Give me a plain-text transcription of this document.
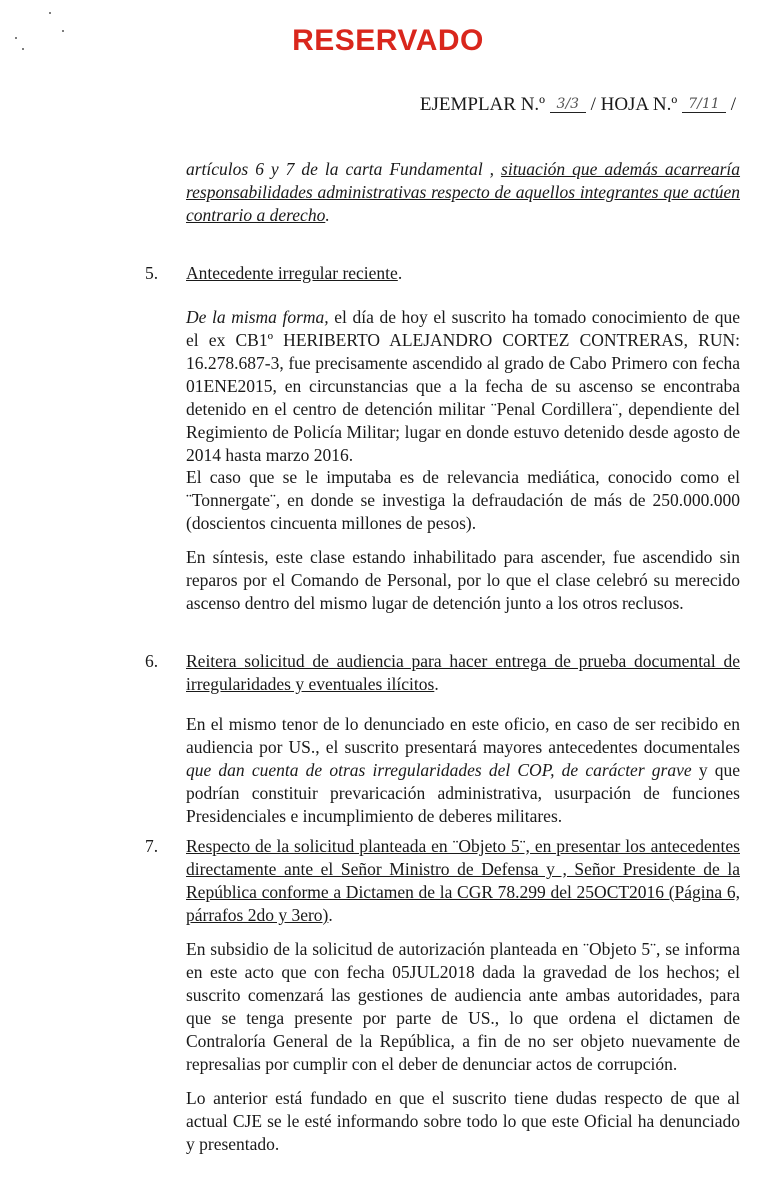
RESERVADO
EJEMPLAR N.º 3/3 / HOJA N.º 7/11 /
artículos 6 y 7 de la carta Fundamental , situación que además acarrearía responsabilidades administrativas respecto de aquellos integrantes que actúen contrario a derecho.
5. Antecedente irregular reciente.
De la misma forma, el día de hoy el suscrito ha tomado conocimiento de que el ex CB1º HERIBERTO ALEJANDRO CORTEZ CONTRERAS, RUN: 16.278.687-3, fue precisamente ascendido al grado de Cabo Primero con fecha 01ENE2015, en circunstancias que a la fecha de su ascenso se encontraba detenido en el centro de detención militar ¨Penal Cordillera¨, dependiente del Regimiento de Policía Militar; lugar en donde estuvo detenido desde agosto de 2014 hasta marzo 2016.
El caso que se le imputaba es de relevancia mediática, conocido como el ¨Tonnergate¨, en donde se investiga la defraudación de más de 250.000.000 (doscientos cincuenta millones de pesos).
En síntesis, este clase estando inhabilitado para ascender, fue ascendido sin reparos por el Comando de Personal, por lo que el clase celebró su merecido ascenso dentro del mismo lugar de detención junto a los otros reclusos.
6. Reitera solicitud de audiencia para hacer entrega de prueba documental de irregularidades y eventuales ilícitos.
En el mismo tenor de lo denunciado en este oficio, en caso de ser recibido en audiencia por US., el suscrito presentará mayores antecedentes documentales que dan cuenta de otras irregularidades del COP, de carácter grave y que podrían constituir prevaricación administrativa, usurpación de funciones Presidenciales e incumplimiento de deberes militares.
7. Respecto de la solicitud planteada en ¨Objeto 5¨, en presentar los antecedentes directamente ante el Señor Ministro de Defensa y , Señor Presidente de la República conforme a Dictamen de la CGR 78.299 del 25OCT2016 (Página 6, párrafos 2do y 3ero).
En subsidio de la solicitud de autorización planteada en ¨Objeto 5¨, se informa en este acto que con fecha 05JUL2018 dada la gravedad de los hechos; el suscrito comenzará las gestiones de audiencia ante ambas autoridades, para que se tenga presente por parte de US., lo que ordena el dictamen de Contraloría General de la República, a fin de no ser objeto nuevamente de represalias por cumplir con el deber de denunciar actos de corrupción.
Lo anterior está fundado en que el suscrito tiene dudas respecto de que al actual CJE se le esté informando sobre todo lo que este Oficial ha denunciado y presentado.
